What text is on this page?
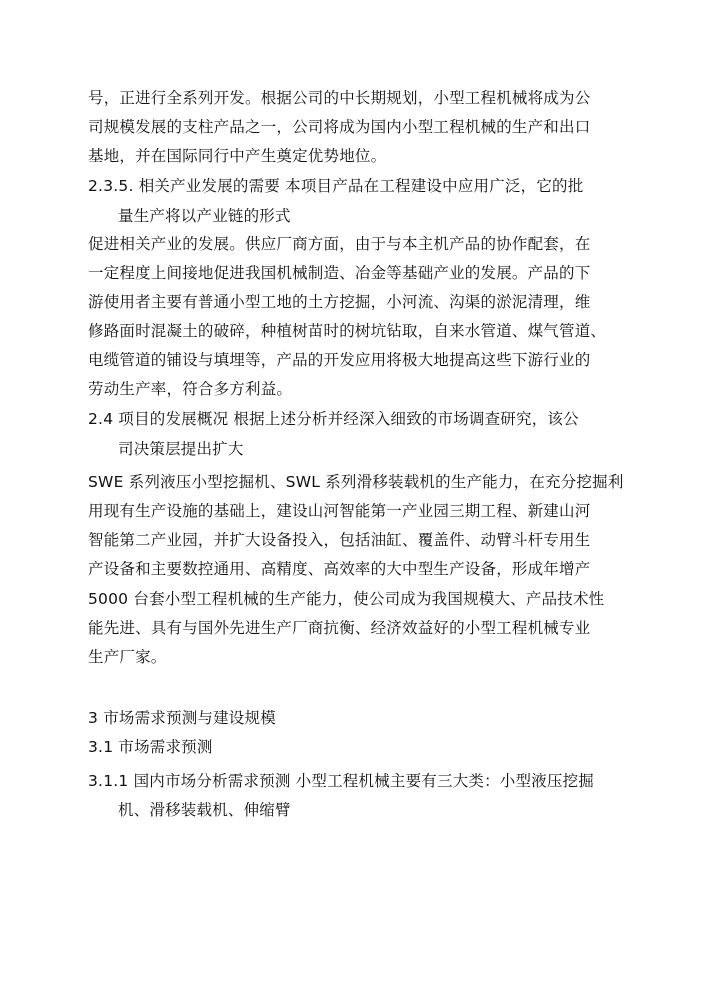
号，正进行全系列开发。根据公司的中长期规划，小型工程机械将成为公
司规模发展的支柱产品之一，公司将成为国内小型工程机械的生产和出口
基地，并在国际同行中产生奠定优势地位。
2.3.5. 相关产业发展的需要 本项目产品在工程建设中应用广泛，它的批
量生产将以产业链的形式
促进相关产业的发展。供应厂商方面，由于与本主机产品的协作配套，在
一定程度上间接地促进我国机械制造、冶金等基础产业的发展。产品的下
游使用者主要有普通小型工地的土方挖掘，小河流、沟渠的淤泥清理，维
修路面时混凝土的破碎，种植树苗时的树坑钻取，自来水管道、煤气管道、
电缆管道的铺设与填埋等，产品的开发应用将极大地提高这些下游行业的
劳动生产率，符合多方利益。
2.4 项目的发展概况 根据上述分析并经深入细致的市场调查研究，该公
司决策层提出扩大
SWE 系列液压小型挖掘机、SWL 系列滑移装载机的生产能力，在充分挖掘利
用现有生产设施的基础上，建设山河智能第一产业园三期工程、新建山河
智能第二产业园，并扩大设备投入，包括油缸、覆盖件、动臂斗杆专用生
产设备和主要数控通用、高精度、高效率的大中型生产设备，形成年增产
5000 台套小型工程机械的生产能力，使公司成为我国规模大、产品技术性
能先进、具有与国外先进生产厂商抗衡、经济效益好的小型工程机械专业
生产厂家。
3 市场需求预测与建设规模
3.1 市场需求预测
3.1.1 国内市场分析需求预测 小型工程机械主要有三大类：小型液压挖掘
机、滑移装载机、伸缩臂
